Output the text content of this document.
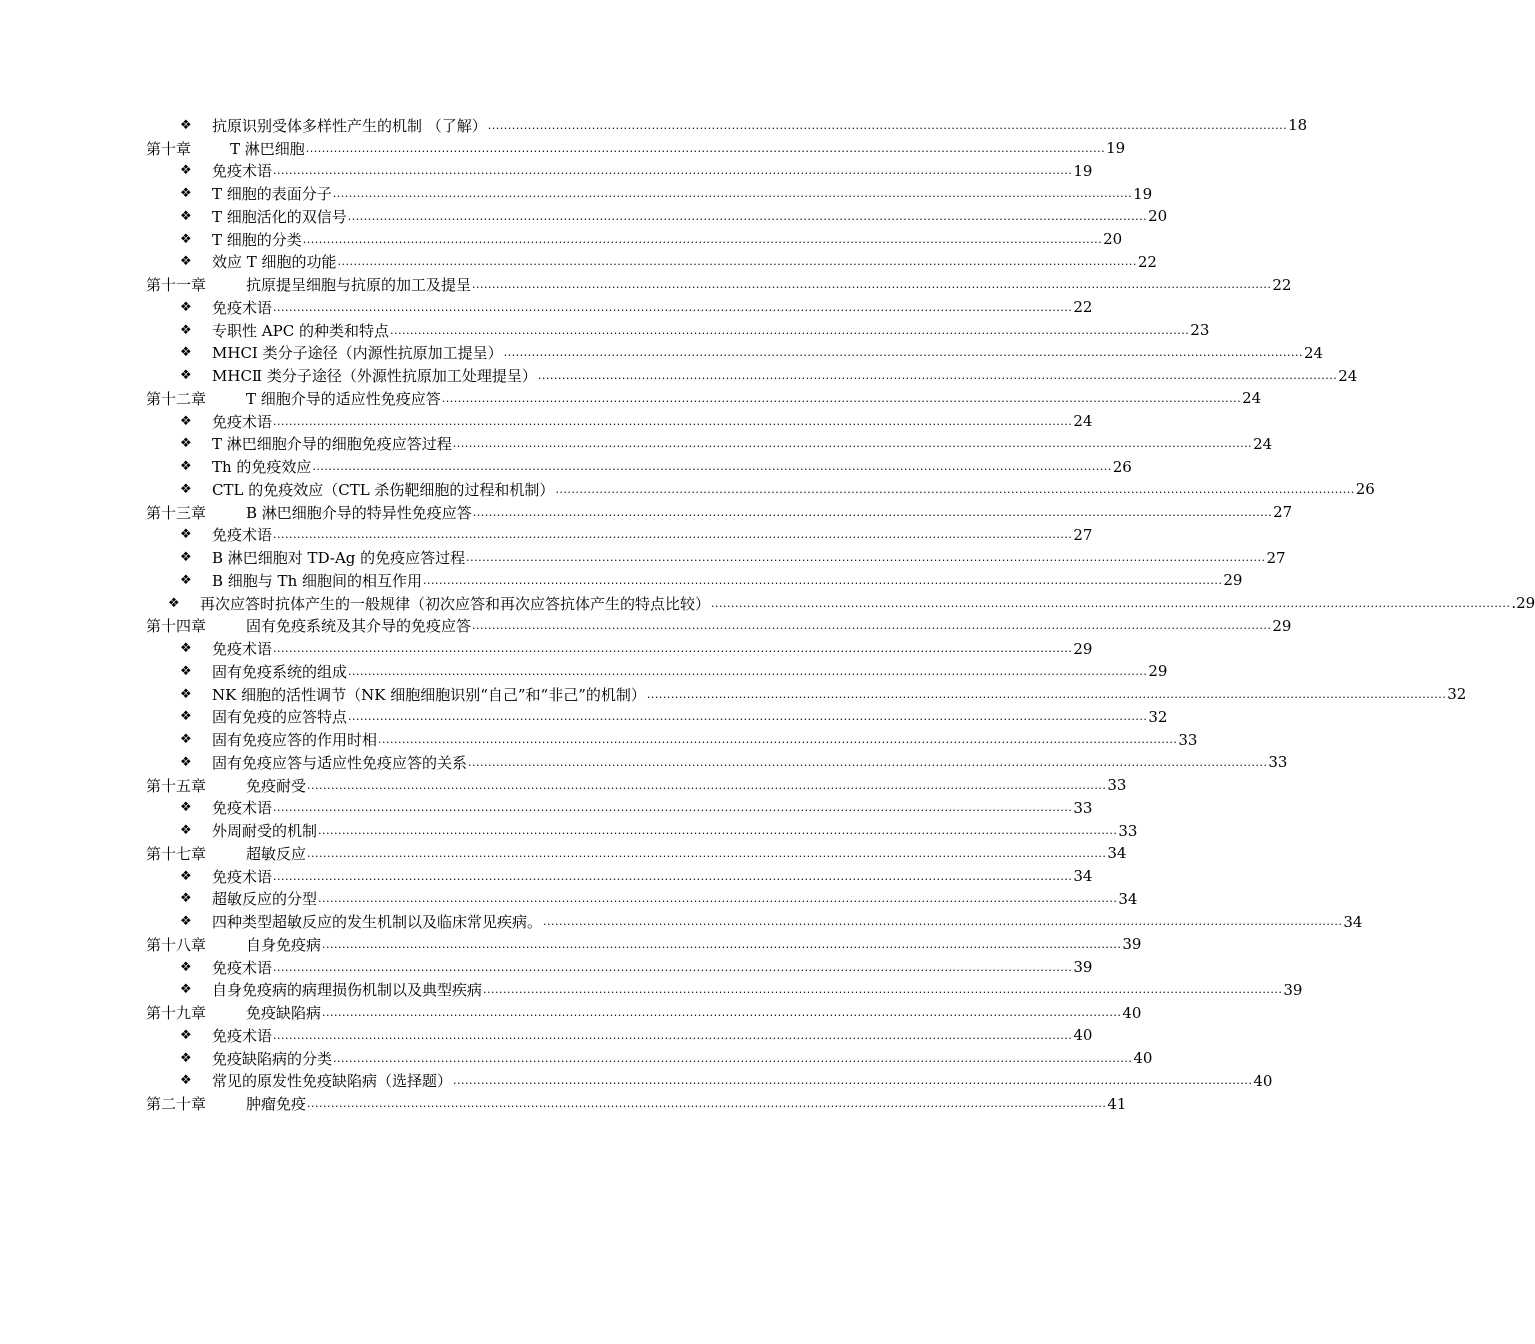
❖	抗原识别受体多样性产生的机制 （了解） .....	18
第十章	T 淋巴细胞 .....	19
❖	免疫术语 .....	19
❖	T 细胞的表面分子 .....	19
❖	T 细胞活化的双信号 .....	20
❖	T 细胞的分类 .....	20
❖	效应 T 细胞的功能 .....	22
第十一章	抗原提呈细胞与抗原的加工及提呈 .....	22
❖	免疫术语 .....	22
❖	专职性 APC 的种类和特点 .....	23
❖	MHCⅠ 类分子途径（内源性抗原加工提呈） .....	24
❖	MHCⅡ 类分子途径（外源性抗原加工处理提呈） .....	24
第十二章	T 细胞介导的适应性免疫应答 .....	24
❖	免疫术语 .....	24
❖	T 淋巴细胞介导的细胞免疫应答过程 .....	24
❖	Th 的免疫效应 .....	26
❖	CTL 的免疫效应（CTL 杀伤靶细胞的过程和机制） .....	26
第十三章	B 淋巴细胞介导的特异性免疫应答 .....	27
❖	免疫术语 .....	27
❖	B 淋巴细胞对 TD-Ag 的免疫应答过程 .....	27
❖	B 细胞与 Th 细胞间的相互作用 .....	29
❖	再次应答时抗体产生的一般规律（初次应答和再次应答抗体产生的特点比较） .....	.29
第十四章	固有免疫系统及其介导的免疫应答 .....	29
❖	免疫术语 .....	29
❖	固有免疫系统的组成 .....	29
❖	NK 细胞的活性调节（NK 细胞细胞识别“自己”和“非己”的机制） .....	32
❖	固有免疫的应答特点 .....	32
❖	固有免疫应答的作用时相 .....	33
❖	固有免疫应答与适应性免疫应答的关系 .....	33
第十五章	免疫耐受 .....	33
❖	免疫术语 .....	33
❖	外周耐受的机制 .....	33
第十七章	超敏反应 .....	34
❖	免疫术语 .....	34
❖	超敏反应的分型 .....	34
❖	四种类型超敏反应的发生机制以及临床常见疾病。 .....	34
第十八章	自身免疫病 .....	39
❖	免疫术语 .....	39
❖	自身免疫病的病理损伤机制以及典型疾病 .....	39
第十九章	免疫缺陷病 .....	40
❖	免疫术语 .....	40
❖	免疫缺陷病的分类 .....	40
❖	常见的原发性免疫缺陷病（选择题） .....	40
第二十章	肿瘤免疫 .....	41
